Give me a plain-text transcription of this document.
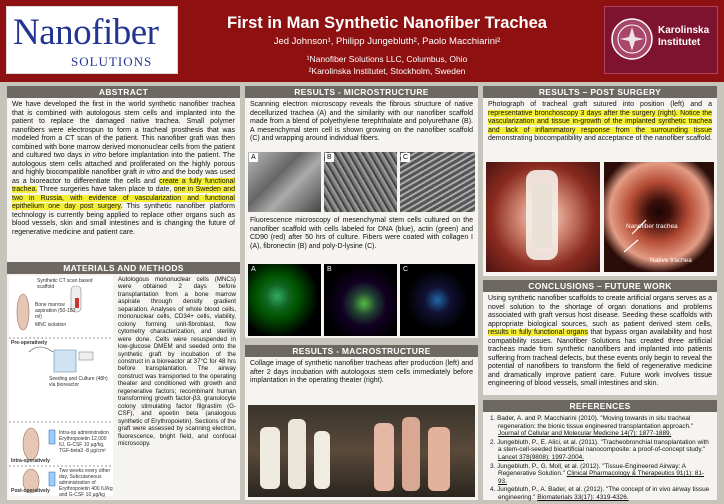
Nanofiber
SOLUTIONS
First in Man Synthetic Nanofiber Trachea
Jed Johnson¹, Philipp Jungebluth², Paolo Macchiarini²
¹Nanofiber Solutions LLC, Columbus, Ohio
²Karolinska Institutet, Stockholm, Sweden
Karolinska
Institutet
ABSTRACT

We have developed the first in the world synthetic nanofiber trachea that is combined with autologous stem cells and implanted into the patient to replace the damaged native trachea. Small polymer nanofibers were electrospun to form a tracheal prosthesis that was modeled from a CT scan of the patient. This nanofiber graft was then combined with bone marrow derived mononuclear cells from the patient and cultured two days in vitro before implantation into the patient. The autologous stem cells attached and proliferated on the highly porous and highly biocompatible nanofiber graft in vitro and the body was used as a bioreactor to differentiate the cells and create a fully functional trachea. Three surgeries have taken place to date, one in Sweden and two in Russia, with evidence of vascularization and functional epithelium one day post surgery. This synthetic nanofiber platform technology is currently being applied to replace other organs such as blood vessels, skin and small intestines and is changing the future of regenerative medicine and patient care.

MATERIALS AND METHODS
Synthetic CT scan based scaffold
Bone marrow aspiration (50-150 ml)
MNC isolation
Pre-operatively
Seeding and Culture (48h) via bioreactor
Intra-op administration Erythropoietin 12,000 IU, G-CSF 10 µg/kg, TGF-beta3 -8 µg/cm²
Intra-operatively
Two weeks every other day, Subcutaneous administration of Erythropoietin 400 IU/kg and G-CSF 10 µg/kg
Post-operatively

Autologous mononuclear cells (MNCs) were obtained 2 days before transplantation from a bone marrow aspirate through density gradient separation. Analyses of whole blood cells, mononuclear cells, CD34+ cells, viability, colony forming unit-fibroblast, flow cytometry characterization, and sterility were done. Cells were resuspended in low-glucose DMEM and seeded onto the synthetic graft by incubation of the construct in a bioreactor at 37°C for 48 hrs before transplantation. The airway construct was transported to the operating theater and conditioned with growth and regenerative factors; recombinant human transforming growth factor-β3, granulocyte colony stimulating factor filgrastim (G-CSF), and epoetin beta (analogous synthetic of Erythropoietin). Sections of the graft were assessed by scanning electron, fluorescence, bright field, and confocal microscopy.

RESULTS - MICROSTRUCTURE

Scanning electron microscopy reveals the fibrous structure of native decellurized trachea (A) and the similarity with our nanofiber scaffold made from a blend of polyethylene terephthalate and polyurethane (B). A mesenchymal stem cell is shown growing on the nanofiber scaffold (C) and wrapping around individual fibers.

A	B	C

Fluorescence microscopy of mesenchymal stem cells cultured on the nanofiber scaffold with cells labeled for DNA (blue), actin (green) and CD90 (red) after 50 hrs of culture. Fibers were coated with collagen I (A), fibronectin (B) and poly-D-lysine (C).

A	B	C
RESULTS - MACROSTRUCTURE

Collage image of synthetic nanofiber tracheas after production (left) and after 2 days incubation with autologous stem cells immediately before implantation in the operating theater (right).

RESULTS – POST SURGERY

Photograph of tracheal graft sutured into position (left) and a representative bronchoscopy 3 days after the surgery (right). Notice the vascularization and tissue in-growth of the implanted synthetic trachea and lack of inflammatory response from the surrounding tissue demonstrating biocompatibility and acceptance of the nanofiber scaffold.

Nanofiber trachea
Native trachea
CONCLUSIONS – FUTURE WORK

Using synthetic nanofiber scaffolds to create artificial organs serves as a novel solution to the shortage of organ donations and problems associated with graft versus host disease. Seeding these scaffolds with appropriate biological sources, such as patient derived stem cells, results in fully functional organs that bypass organ availability and host compatibility issues. Nanofiber Solutions has created three artificial tracheas made from synthetic nanofibers and implanted into patients suffering from tracheal defects, but these events only begin to reveal the potential of nanofibers to transform the field of regenerative medicine and dramatically improve patient care. Future work involves tissue engineering of blood vessels, small intestines and skin.

REFERENCES
1. Bader, A. and P. Macchiarini (2010). "Moving towards in situ tracheal regeneration: the bionic tissue engineered transplantation approach." Journal of Cellular and Molecular Medicine 14(7): 1877-1889.
2. Jungebluth, P., E. Alici, et al. (2011). "Tracheobronchial transplantation with a stem-cell-seeded bioartificial nanocomposite: a proof-of-concept study." Lancet 378(9808): 1997-2004.
3. Jungebluth, P., G. Moll, et al. (2012). "Tissue-Engineered Airway: A Regenerative Solution." Clinical Pharmacology & Therapeutics 91(1): 81-93.
4. Jungebluth, P., A. Bader, et al. (2012). "The concept of in vivo airway tissue engineering." Biomaterials 33(17): 4319-4326.
